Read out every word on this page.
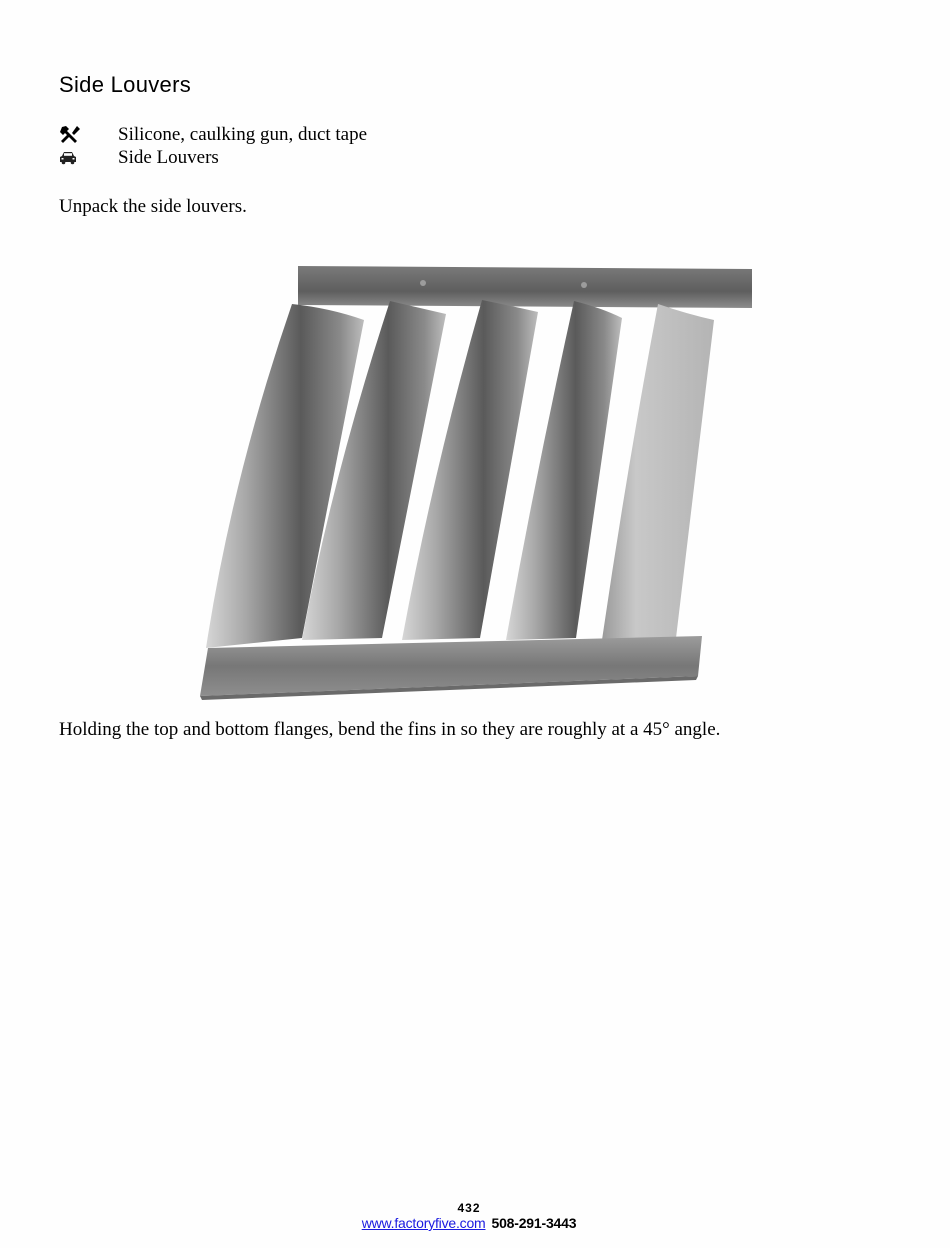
Side Louvers
Silicone, caulking gun, duct tape
Side Louvers
Unpack the side louvers.
Holding the top and bottom flanges, bend the fins in so they are roughly at a 45° angle.
432
www.factoryfive.com 508-291-3443
